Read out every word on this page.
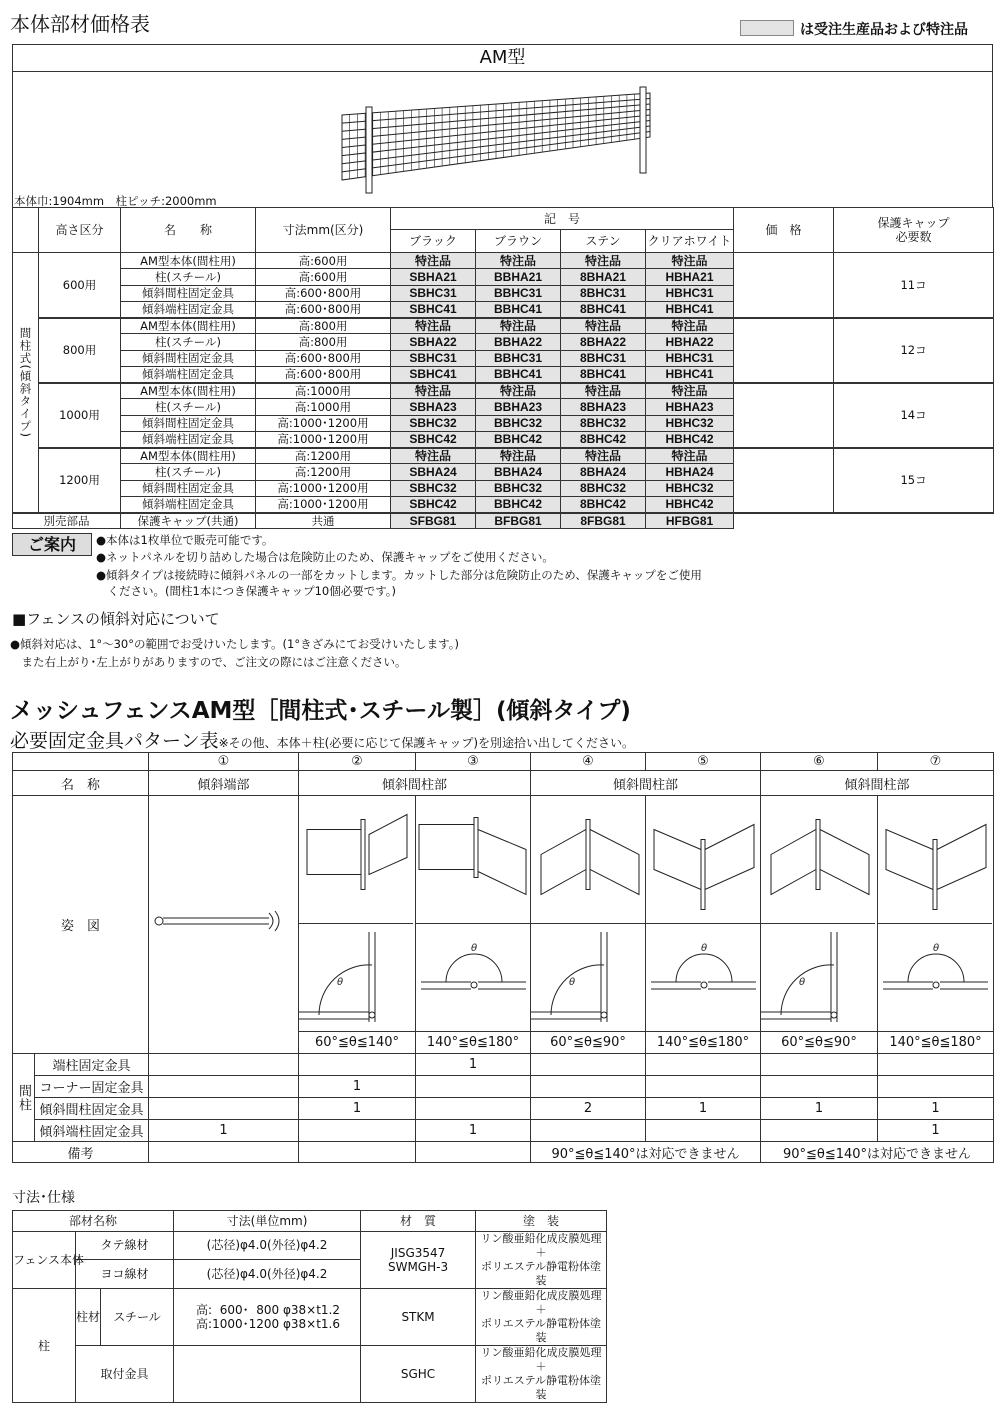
本体部材価格表	は受注生産品および特注品
AM型
本体巾:1904mm　柱ピッチ:2000mm
	高さ区分	名　　称	寸法mm(区分)	記　号				価　格	保護キャップ
必要数
				ブラック	ブラウン	ステン	クリアホワイト		
間柱式(傾斜タイプ)	600用	AM型本体(間柱用)	高:600用	特注品	特注品	特注品	特注品		11コ
		柱(スチール)	高:600用	SBHA21	BBHA21	8BHA21	HBHA21		
		傾斜間柱固定金具	高:600･800用	SBHC31	BBHC31	8BHC31	HBHC31		
		傾斜端柱固定金具	高:600･800用	SBHC41	BBHC41	8BHC41	HBHC41		
	800用	AM型本体(間柱用)	高:800用	特注品	特注品	特注品	特注品		12コ
		柱(スチール)	高:800用	SBHA22	BBHA22	8BHA22	HBHA22		
		傾斜間柱固定金具	高:600･800用	SBHC31	BBHC31	8BHC31	HBHC31		
		傾斜端柱固定金具	高:600･800用	SBHC41	BBHC41	8BHC41	HBHC41		
	1000用	AM型本体(間柱用)	高:1000用	特注品	特注品	特注品	特注品		14コ
		柱(スチール)	高:1000用	SBHA23	BBHA23	8BHA23	HBHA23		
		傾斜間柱固定金具	高:1000･1200用	SBHC32	BBHC32	8BHC32	HBHC32		
		傾斜端柱固定金具	高:1000･1200用	SBHC42	BBHC42	8BHC42	HBHC42		
	1200用	AM型本体(間柱用)	高:1200用	特注品	特注品	特注品	特注品		15コ
		柱(スチール)	高:1200用	SBHA24	BBHA24	8BHA24	HBHA24		
		傾斜間柱固定金具	高:1000･1200用	SBHC32	BBHC32	8BHC32	HBHC32		
		傾斜端柱固定金具	高:1000･1200用	SBHC42	BBHC42	8BHC42	HBHC42		
別売部品		保護キャップ(共通)	共通	SFBG81	BFBG81	8FBG81	HFBG81		
ご案内	●本体は1枚単位で販売可能です。
●ネットパネルを切り詰めした場合は危険防止のため、保護キャップをご使用ください。
●傾斜タイプは接続時に傾斜パネルの一部をカットします。カットした部分は危険防止のため、保護キャップをご使用
　ください。(間柱1本につき保護キャップ10個必要です。)
■フェンスの傾斜対応について
●傾斜対応は、1°～30°の範囲でお受けいたします。(1°きざみにてお受けいたします。)
　また右上がり･左上がりがありますので、ご注文の際にはご注意ください。
メッシュフェンスAM型［間柱式･スチール製］(傾斜タイプ)
必要固定金具パターン表※その他、本体＋柱(必要に応じて保護キャップ)を別途拾い出してください。
		①	②	③	④	⑤	⑥	⑦
名　称		傾斜端部	傾斜間柱部		傾斜間柱部		傾斜間柱部	
姿　図			θ	θ	θ	θ	θ	θ

			60°≦θ≦140°	140°≦θ≦180°	60°≦θ≦90°	140°≦θ≦180°	60°≦θ≦90°	140°≦θ≦180°
間柱	端柱固定金具			1				
	コーナー固定金具		1					
	傾斜間柱固定金具		1		2	1	1	1
	傾斜端柱固定金具	1		1				1
備考					90°≦θ≦140°は対応できません		90°≦θ≦140°は対応できません	
寸法･仕様
部材名称			寸法(単位mm)	材　質	塗　装
フェンス本体	タテ線材		(芯径)φ4.0(外径)φ4.2	JISG3547
SWMGH-3	リン酸亜鉛化成皮膜処理
＋
ポリエステル静電粉体塗装
	ヨコ線材		(芯径)φ4.0(外径)φ4.2		
柱	柱材	スチール	高:  600･  800 φ38×t1.2
高:1000･1200 φ38×t1.6	STKM	リン酸亜鉛化成皮膜処理
＋
ポリエステル静電粉体塗装
	取付金具			SGHC	リン酸亜鉛化成皮膜処理
＋
ポリエステル静電粉体塗装
